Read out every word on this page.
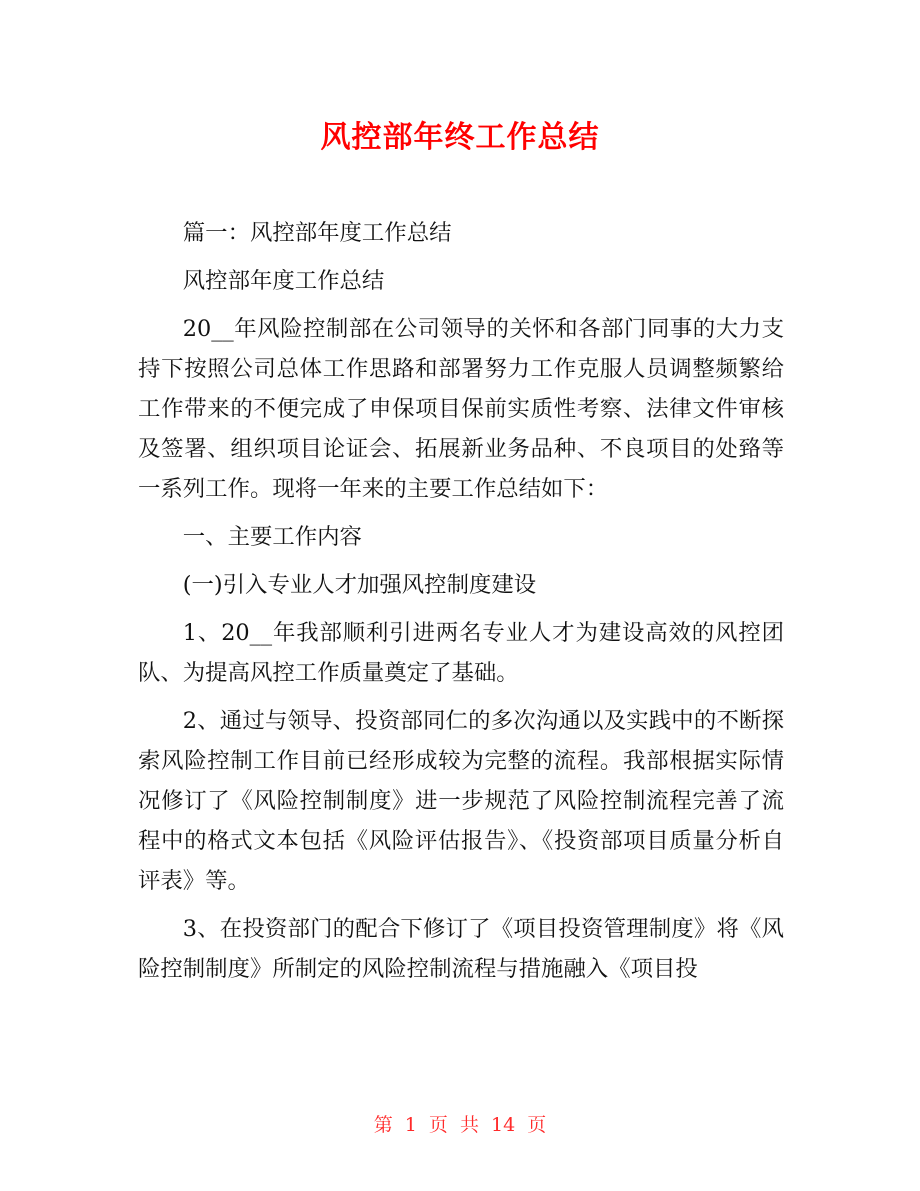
风控部年终工作总结

篇一：风控部年度工作总结

风控部年度工作总结

20__年风险控制部在公司领导的关怀和各部门同事的大力支持下按照公司总体工作思路和部署努力工作克服人员调整频繁给工作带来的不便完成了申保项目保前实质性考察、法律文件审核及签署、组织项目论证会、拓展新业务品种、不良项目的处臵等一系列工作。现将一年来的主要工作总结如下：

一、主要工作内容

(一)引入专业人才加强风控制度建设

1、20__年我部顺利引进两名专业人才为建设高效的风控团队、为提高风控工作质量奠定了基础。

2、通过与领导、投资部同仁的多次沟通以及实践中的不断探索风险控制工作目前已经形成较为完整的流程。我部根据实际情况修订了《风险控制制度》进一步规范了风险控制流程完善了流程中的格式文本包括《风险评估报告》、《投资部项目质量分析自评表》等。

3、在投资部门的配合下修订了《项目投资管理制度》将《风险控制制度》所制定的风险控制流程与措施融入《项目投

第 1 页 共 14 页
